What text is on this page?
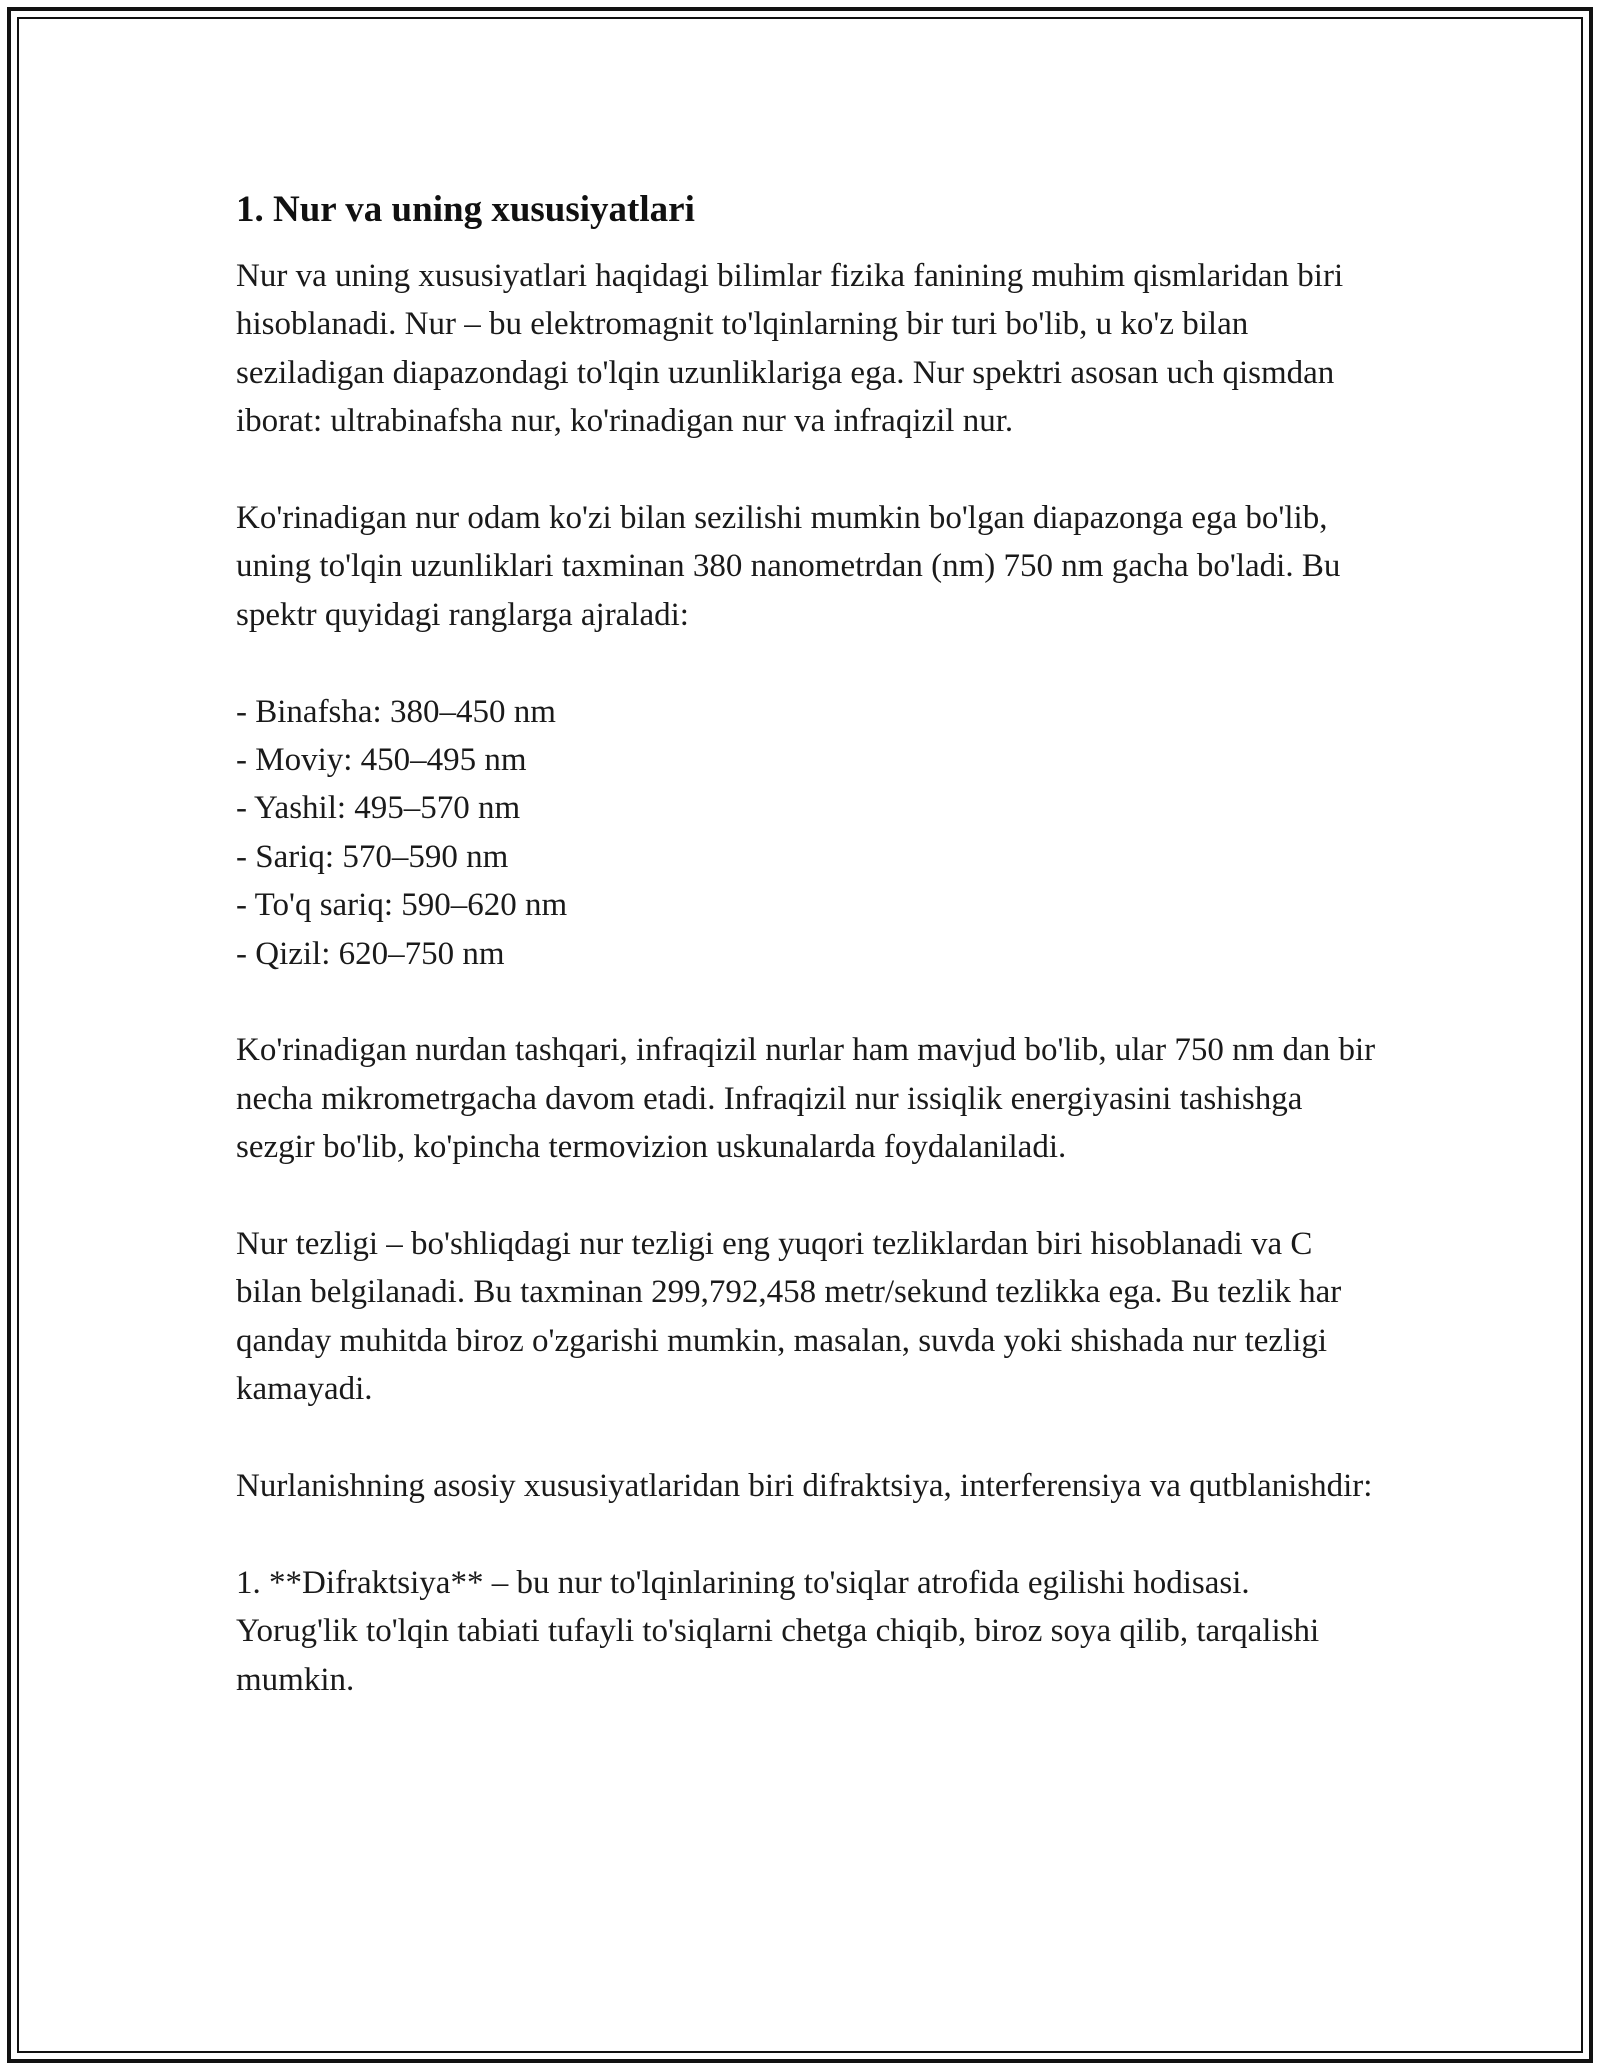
1. Nur va uning xususiyatlari

Nur va uning xususiyatlari haqidagi bilimlar fizika fanining muhim qismlaridan biri hisoblanadi. Nur – bu elektromagnit to'lqinlarning bir turi bo'lib, u ko'z bilan seziladigan diapazondagi to'lqin uzunliklariga ega. Nur spektri asosan uch qismdan iborat: ultrabinafsha nur, ko'rinadigan nur va infraqizil nur.

Ko'rinadigan nur odam ko'zi bilan sezilishi mumkin bo'lgan diapazonga ega bo'lib, uning to'lqin uzunliklari taxminan 380 nanometrdan (nm) 750 nm gacha bo'ladi. Bu spektr quyidagi ranglarga ajraladi:

- Binafsha: 380–450 nm
- Moviy: 450–495 nm
- Yashil: 495–570 nm
- Sariq: 570–590 nm
- To'q sariq: 590–620 nm
- Qizil: 620–750 nm

Ko'rinadigan nurdan tashqari, infraqizil nurlar ham mavjud bo'lib, ular 750 nm dan bir necha mikrometrgacha davom etadi. Infraqizil nur issiqlik energiyasini tashishga sezgir bo'lib, ko'pincha termovizion uskunalarda foydalaniladi.

Nur tezligi – bo'shliqdagi nur tezligi eng yuqori tezliklardan biri hisoblanadi va C bilan belgilanadi. Bu taxminan 299,792,458 metr/sekund tezlikka ega. Bu tezlik har qanday muhitda biroz o'zgarishi mumkin, masalan, suvda yoki shishada nur tezligi kamayadi.

Nurlanishning asosiy xususiyatlaridan biri difraktsiya, interferensiya va qutblanishdir:

1. **Difraktsiya** – bu nur to'lqinlarining to'siqlar atrofida egilishi hodisasi. Yorug'lik to'lqin tabiati tufayli to'siqlarni chetga chiqib, biroz soya qilib, tarqalishi mumkin.
